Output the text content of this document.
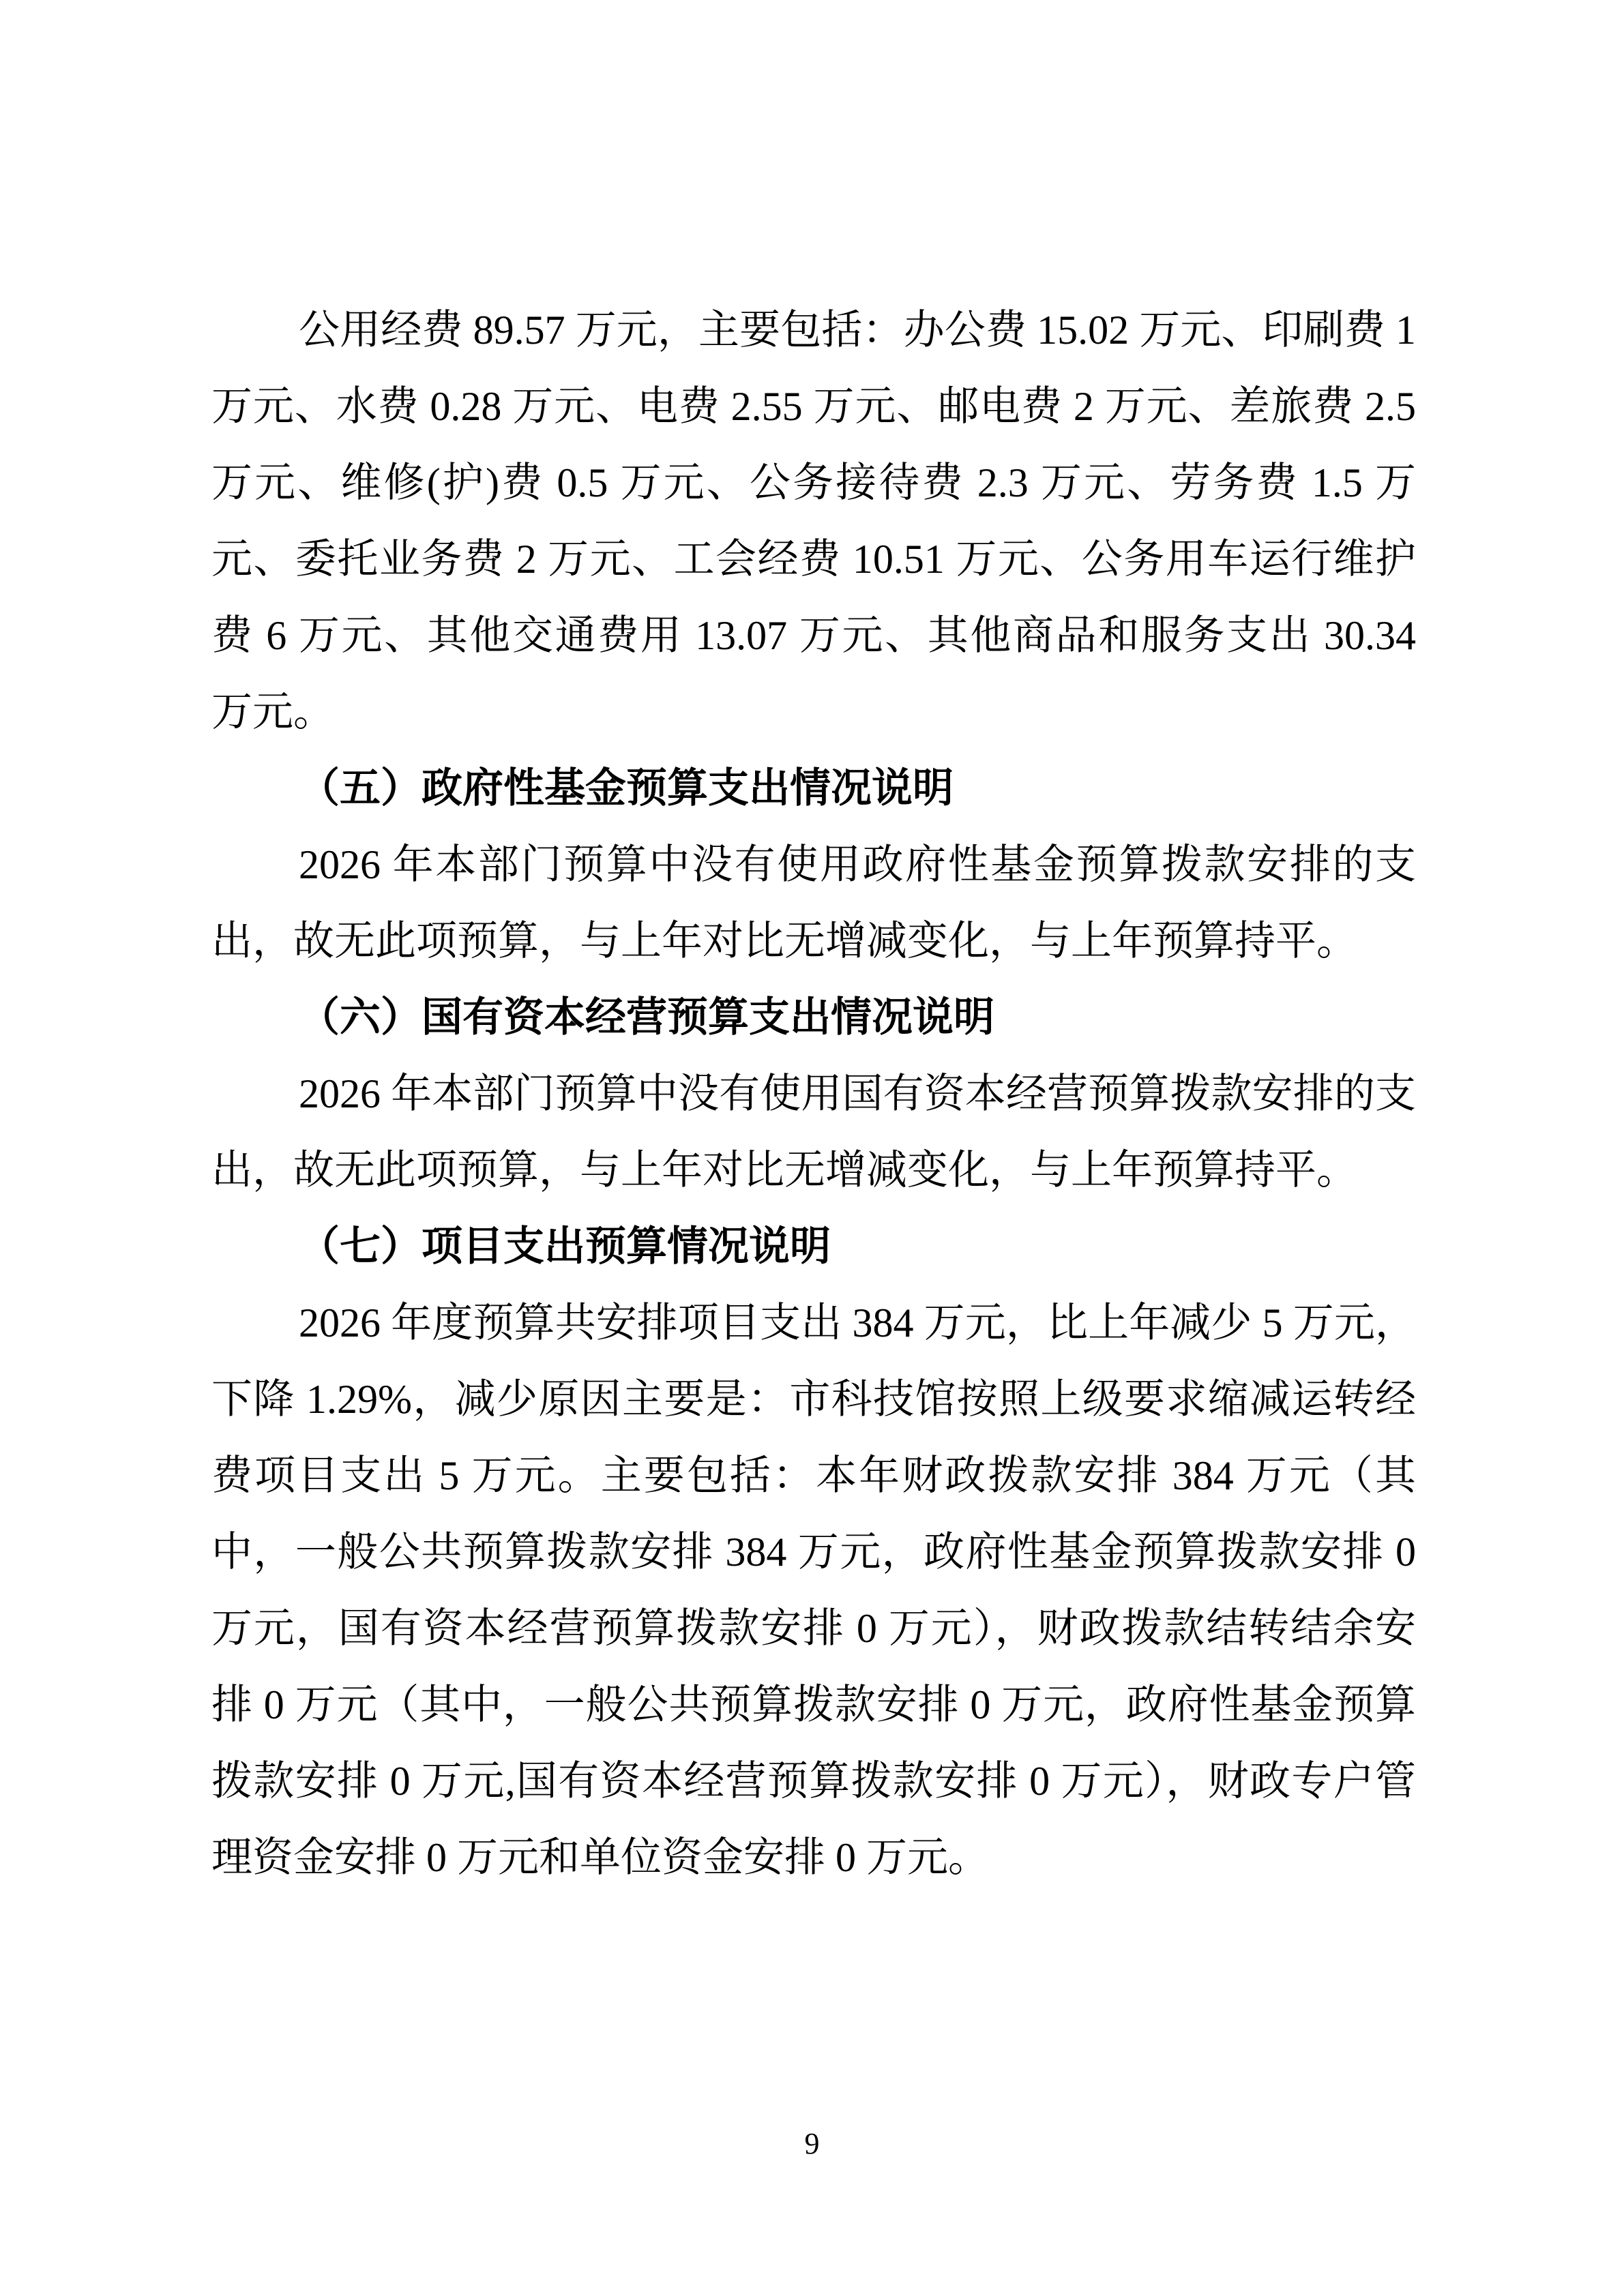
公用经费 89.57 万元，主要包括：办公费 15.02 万元、印刷费 1 万元、水费 0.28 万元、电费 2.55 万元、邮电费 2 万元、差旅费 2.5 万元、维修(护)费 0.5 万元、公务接待费 2.3 万元、劳务费 1.5 万元、委托业务费 2 万元、工会经费 10.51 万元、公务用车运行维护费 6 万元、其他交通费用 13.07 万元、其他商品和服务支出 30.34 万元。

（五）政府性基金预算支出情况说明

2026 年本部门预算中没有使用政府性基金预算拨款安排的支出，故无此项预算，与上年对比无增减变化，与上年预算持平。

（六）国有资本经营预算支出情况说明

2026 年本部门预算中没有使用国有资本经营预算拨款安排的支出，故无此项预算，与上年对比无增减变化，与上年预算持平。

（七）项目支出预算情况说明

2026 年度预算共安排项目支出 384 万元，比上年减少 5 万元，下降 1.29%，减少原因主要是：市科技馆按照上级要求缩减运转经费项目支出 5 万元。主要包括：本年财政拨款安排 384 万元（其中，一般公共预算拨款安排 384 万元，政府性基金预算拨款安排 0 万元，国有资本经营预算拨款安排 0 万元），财政拨款结转结余安排 0 万元（其中，一般公共预算拨款安排 0 万元，政府性基金预算拨款安排 0 万元,国有资本经营预算拨款安排 0 万元），财政专户管理资金安排 0 万元和单位资金安排 0 万元。

9
